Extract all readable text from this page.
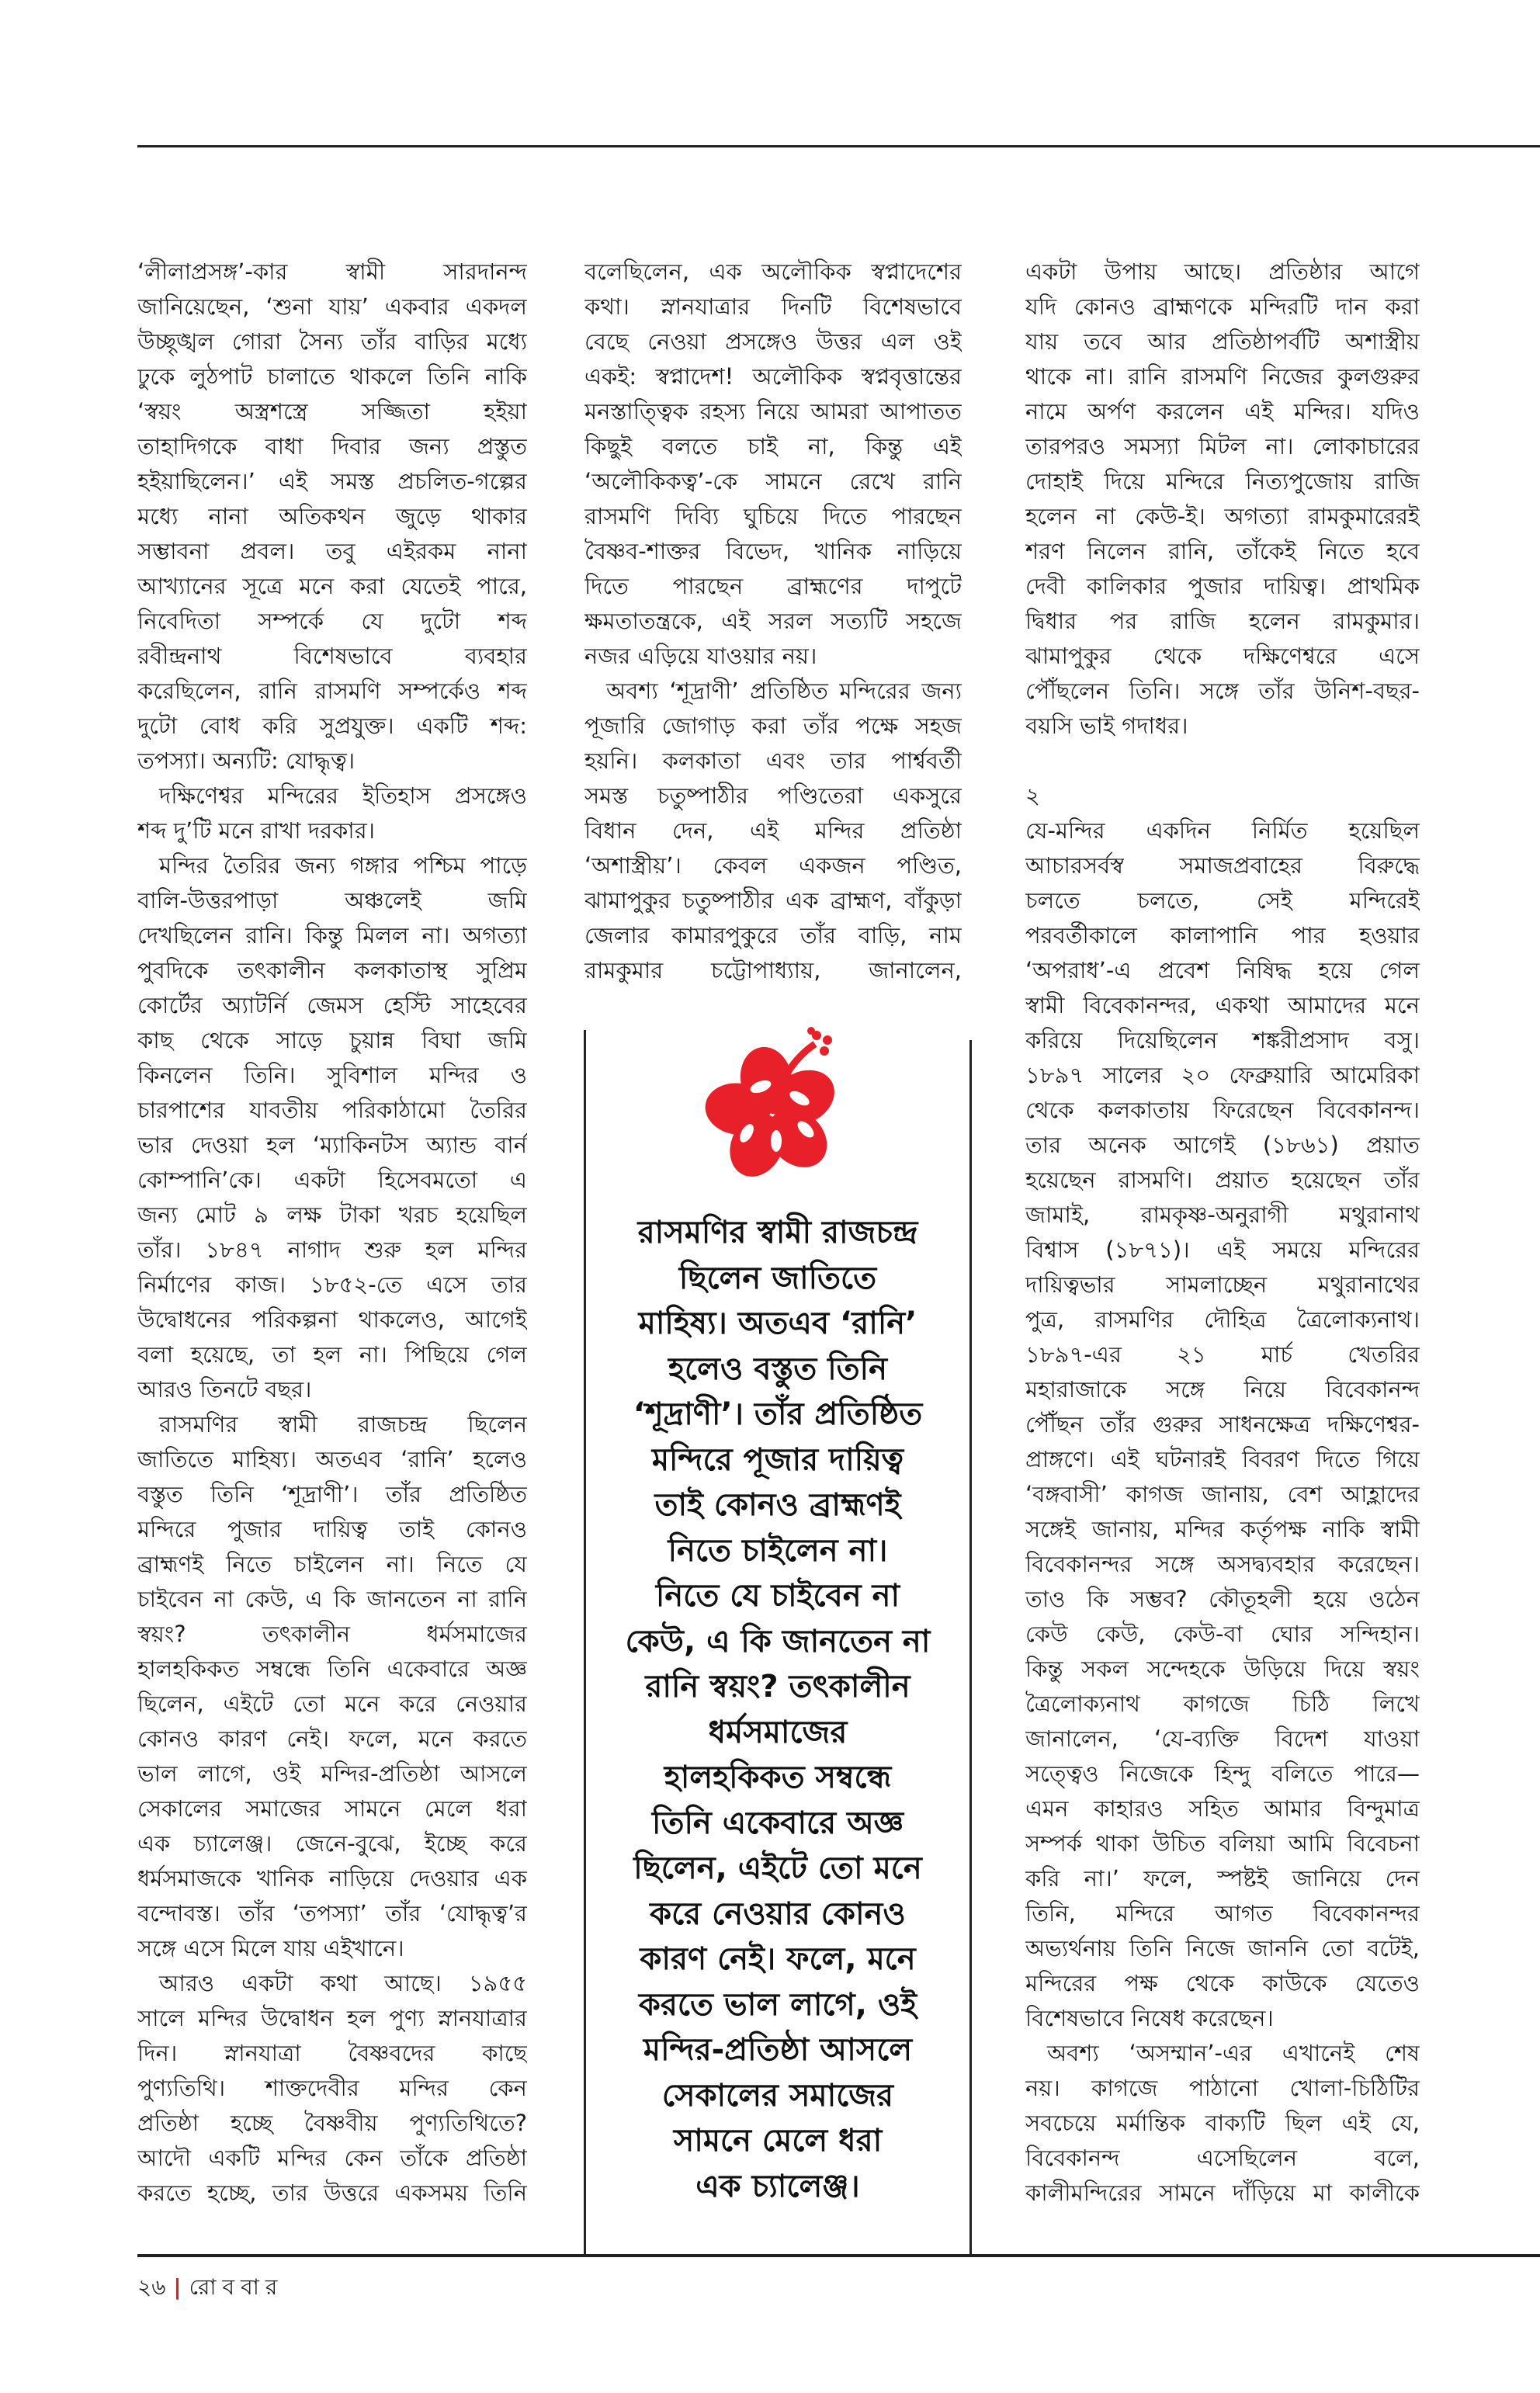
‘লীলাপ্রসঙ্গ’-কার স্বামী সারদানন্দ
জানিয়েছেন, ‘শুনা যায়’ একবার একদল
উচ্ছৃঙ্খল গোরা সৈন্য তাঁর বাড়ির মধ্যে
ঢুকে লুঠপাট চালাতে থাকলে তিনি নাকি
‘স্বয়ং অস্ত্রশস্ত্রে সজ্জিতা হইয়া
তাহাদিগকে বাধা দিবার জন্য প্রস্তুত
হইয়াছিলেন।’ এই সমস্ত প্রচলিত-গল্পের
মধ্যে নানা অতিকথন জুড়ে থাকার
সম্ভাবনা প্রবল। তবু এইরকম নানা
আখ্যানের সূত্রে মনে করা যেতেই পারে,
নিবেদিতা সম্পর্কে যে দুটো শব্দ
রবীন্দ্রনাথ বিশেষভাবে ব্যবহার
করেছিলেন, রানি রাসমণি সম্পর্কেও শব্দ
দুটো বোধ করি সুপ্রযুক্ত। একটি শব্দ:
তপস্যা। অন্যটি: যোদ্ধৃত্ব।
দক্ষিণেশ্বর মন্দিরের ইতিহাস প্রসঙ্গেও
শব্দ দু’টি মনে রাখা দরকার।
মন্দির তৈরির জন্য গঙ্গার পশ্চিম পাড়ে
বালি-উত্তরপাড়া অঞ্চলেই জমি
দেখছিলেন রানি। কিন্তু মিলল না। অগত্যা
পুবদিকে তৎকালীন কলকাতাস্থ সুপ্রিম
কোর্টের অ্যাটর্নি জেমস হেস্টি সাহেবের
কাছ থেকে সাড়ে চুয়ান্ন বিঘা জমি
কিনলেন তিনি। সুবিশাল মন্দির ও
চারপাশের যাবতীয় পরিকাঠামো তৈরির
ভার দেওয়া হল ‘ম্যাকিনটস অ্যান্ড বার্ন
কোম্পানি’কে। একটা হিসেবমতো এ
জন্য মোট ৯ লক্ষ টাকা খরচ হয়েছিল
তাঁর। ১৮৪৭ নাগাদ শুরু হল মন্দির
নির্মাণের কাজ। ১৮৫২-তে এসে তার
উদ্বোধনের পরিকল্পনা থাকলেও, আগেই
বলা হয়েছে, তা হল না। পিছিয়ে গেল
আরও তিনটে বছর।
রাসমণির স্বামী রাজচন্দ্র ছিলেন
জাতিতে মাহিষ্য। অতএব ‘রানি’ হলেও
বস্তুত তিনি ‘শূদ্রাণী’। তাঁর প্রতিষ্ঠিত
মন্দিরে পুজার দায়িত্ব তাই কোনও
ব্রাহ্মণই নিতে চাইলেন না। নিতে যে
চাইবেন না কেউ, এ কি জানতেন না রানি
স্বয়ং? তৎকালীন ধর্মসমাজের
হালহকিকত সম্বন্ধে তিনি একেবারে অজ্ঞ
ছিলেন, এইটে তো মনে করে নেওয়ার
কোনও কারণ নেই। ফলে, মনে করতে
ভাল লাগে, ওই মন্দির-প্রতিষ্ঠা আসলে
সেকালের সমাজের সামনে মেলে ধরা
এক চ্যালেঞ্জ। জেনে-বুঝে, ইচ্ছে করে
ধর্মসমাজকে খানিক নাড়িয়ে দেওয়ার এক
বন্দোবস্ত। তাঁর ‘তপস্যা’ তাঁর ‘যোদ্ধৃত্ব’র
সঙ্গে এসে মিলে যায় এইখানে।
আরও একটা কথা আছে। ১৯৫৫
সালে মন্দির উদ্বোধন হল পুণ্য স্নানযাত্রার
দিন। স্নানযাত্রা বৈষ্ণবদের কাছে
পুণ্যতিথি। শাক্তদেবীর মন্দির কেন
প্রতিষ্ঠা হচ্ছে বৈষ্ণবীয় পুণ্যতিথিতে?
আদৌ একটি মন্দির কেন তাঁকে প্রতিষ্ঠা
করতে হচ্ছে, তার উত্তরে একসময় তিনি
বলেছিলেন, এক অলৌকিক স্বপ্নাদেশের
কথা। স্নানযাত্রার দিনটি বিশেষভাবে
বেছে নেওয়া প্রসঙ্গেও উত্তর এল ওই
একই: স্বপ্নাদেশ! অলৌকিক স্বপ্নবৃত্তান্তের
মনস্তাত্ত্বিক রহস্য নিয়ে আমরা আপাতত
কিছুই বলতে চাই না, কিন্তু এই
‘অলৌকিকত্ব’-কে সামনে রেখে রানি
রাসমণি দিব্যি ঘুচিয়ে দিতে পারছেন
বৈষ্ণব-শাক্তর বিভেদ, খানিক নাড়িয়ে
দিতে পারছেন ব্রাহ্মণের দাপুটে
ক্ষমতাতন্ত্রকে, এই সরল সত্যটি সহজে
নজর এড়িয়ে যাওয়ার নয়।
অবশ্য ‘শূদ্রাণী’ প্রতিষ্ঠিত মন্দিরের জন্য
পূজারি জোগাড় করা তাঁর পক্ষে সহজ
হয়নি। কলকাতা এবং তার পার্শ্ববর্তী
সমস্ত চতুষ্পাঠীর পণ্ডিতেরা একসুরে
বিধান দেন, এই মন্দির প্রতিষ্ঠা
‘অশাস্ত্রীয়’। কেবল একজন পণ্ডিত,
ঝামাপুকুর চতুষ্পাঠীর এক ব্রাহ্মণ, বাঁকুড়া
জেলার কামারপুকুরে তাঁর বাড়ি, নাম
রামকুমার চট্টোপাধ্যায়, জানালেন,
একটা উপায় আছে। প্রতিষ্ঠার আগে
যদি কোনও ব্রাহ্মণকে মন্দিরটি দান করা
যায় তবে আর প্রতিষ্ঠাপর্বটি অশাস্ত্রীয়
থাকে না। রানি রাসমণি নিজের কুলগুরুর
নামে অর্পণ করলেন এই মন্দির। যদিও
তারপরও সমস্যা মিটল না। লোকাচারের
দোহাই দিয়ে মন্দিরে নিত্যপুজোয় রাজি
হলেন না কেউ-ই। অগত্যা রামকুমারেরই
শরণ নিলেন রানি, তাঁকেই নিতে হবে
দেবী কালিকার পুজার দায়িত্ব। প্রাথমিক
দ্বিধার পর রাজি হলেন রামকুমার।
ঝামাপুকুর থেকে দক্ষিণেশ্বরে এসে
পৌঁছলেন তিনি। সঙ্গে তাঁর উনিশ-বছর-
বয়সি ভাই গদাধর।
২
যে-মন্দির একদিন নির্মিত হয়েছিল
আচারসর্বস্ব সমাজপ্রবাহের বিরুদ্ধে
চলতে চলতে, সেই মন্দিরেই
পরবর্তীকালে কালাপানি পার হওয়ার
‘অপরাধ’-এ প্রবেশ নিষিদ্ধ হয়ে গেল
স্বামী বিবেকানন্দর, একথা আমাদের মনে
করিয়ে দিয়েছিলেন শঙ্করীপ্রসাদ বসু।
১৮৯৭ সালের ২০ ফেব্রুয়ারি আমেরিকা
থেকে কলকাতায় ফিরেছেন বিবেকানন্দ।
তার অনেক আগেই (১৮৬১) প্রয়াত
হয়েছেন রাসমণি। প্রয়াত হয়েছেন তাঁর
জামাই, রামকৃষ্ণ-অনুরাগী মথুরানাথ
বিশ্বাস (১৮৭১)। এই সময়ে মন্দিরের
দায়িত্বভার সামলাচ্ছেন মথুরানাথের
পুত্র, রাসমণির দৌহিত্র ত্রৈলোক্যনাথ।
১৮৯৭-এর ২১ মার্চ খেতরির
মহারাজাকে সঙ্গে নিয়ে বিবেকানন্দ
পৌঁছন তাঁর গুরুর সাধনক্ষেত্র দক্ষিণেশ্বর-
প্রাঙ্গণে। এই ঘটনারই বিবরণ দিতে গিয়ে
‘বঙ্গবাসী’ কাগজ জানায়, বেশ আহ্লাদের
সঙ্গেই জানায়, মন্দির কর্তৃপক্ষ নাকি স্বামী
বিবেকানন্দর সঙ্গে অসদ্ব্যবহার করেছেন।
তাও কি সম্ভব? কৌতূহলী হয়ে ওঠেন
কেউ কেউ, কেউ-বা ঘোর সন্দিহান।
কিন্তু সকল সন্দেহকে উড়িয়ে দিয়ে স্বয়ং
ত্রৈলোক্যনাথ কাগজে চিঠি লিখে
জানালেন, ‘যে-ব্যক্তি বিদেশ যাওয়া
সত্ত্বেও নিজেকে হিন্দু বলিতে পারে—
এমন কাহারও সহিত আমার বিন্দুমাত্র
সম্পর্ক থাকা উচিত বলিয়া আমি বিবেচনা
করি না।’ ফলে, স্পষ্টই জানিয়ে দেন
তিনি, মন্দিরে আগত বিবেকানন্দর
অভ্যর্থনায় তিনি নিজে জাননি তো বটেই,
মন্দিরের পক্ষ থেকে কাউকে যেতেও
বিশেষভাবে নিষেধ করেছেন।
অবশ্য ‘অসম্মান’-এর এখানেই শেষ
নয়। কাগজে পাঠানো খোলা-চিঠিটির
সবচেয়ে মর্মান্তিক বাক্যটি ছিল এই যে,
বিবেকানন্দ এসেছিলেন বলে,
কালীমন্দিরের সামনে দাঁড়িয়ে মা কালীকে
রাসমণির স্বামী রাজচন্দ্র
ছিলেন জাতিতে
মাহিষ্য। অতএব ‘রানি’
হলেও বস্তুত তিনি
‘শূদ্রাণী’। তাঁর প্রতিষ্ঠিত
মন্দিরে পূজার দায়িত্ব
তাই কোনও ব্রাহ্মণই
নিতে চাইলেন না।
নিতে যে চাইবেন না
কেউ, এ কি জানতেন না
রানি স্বয়ং? তৎকালীন
ধর্মসমাজের
হালহকিকত সম্বন্ধে
তিনি একেবারে অজ্ঞ
ছিলেন, এইটে তো মনে
করে নেওয়ার কোনও
কারণ নেই। ফলে, মনে
করতে ভাল লাগে, ওই
মন্দির-প্রতিষ্ঠা আসলে
সেকালের সমাজের
সামনে মেলে ধরা
এক চ্যালেঞ্জ।
২৬ | রোববার
